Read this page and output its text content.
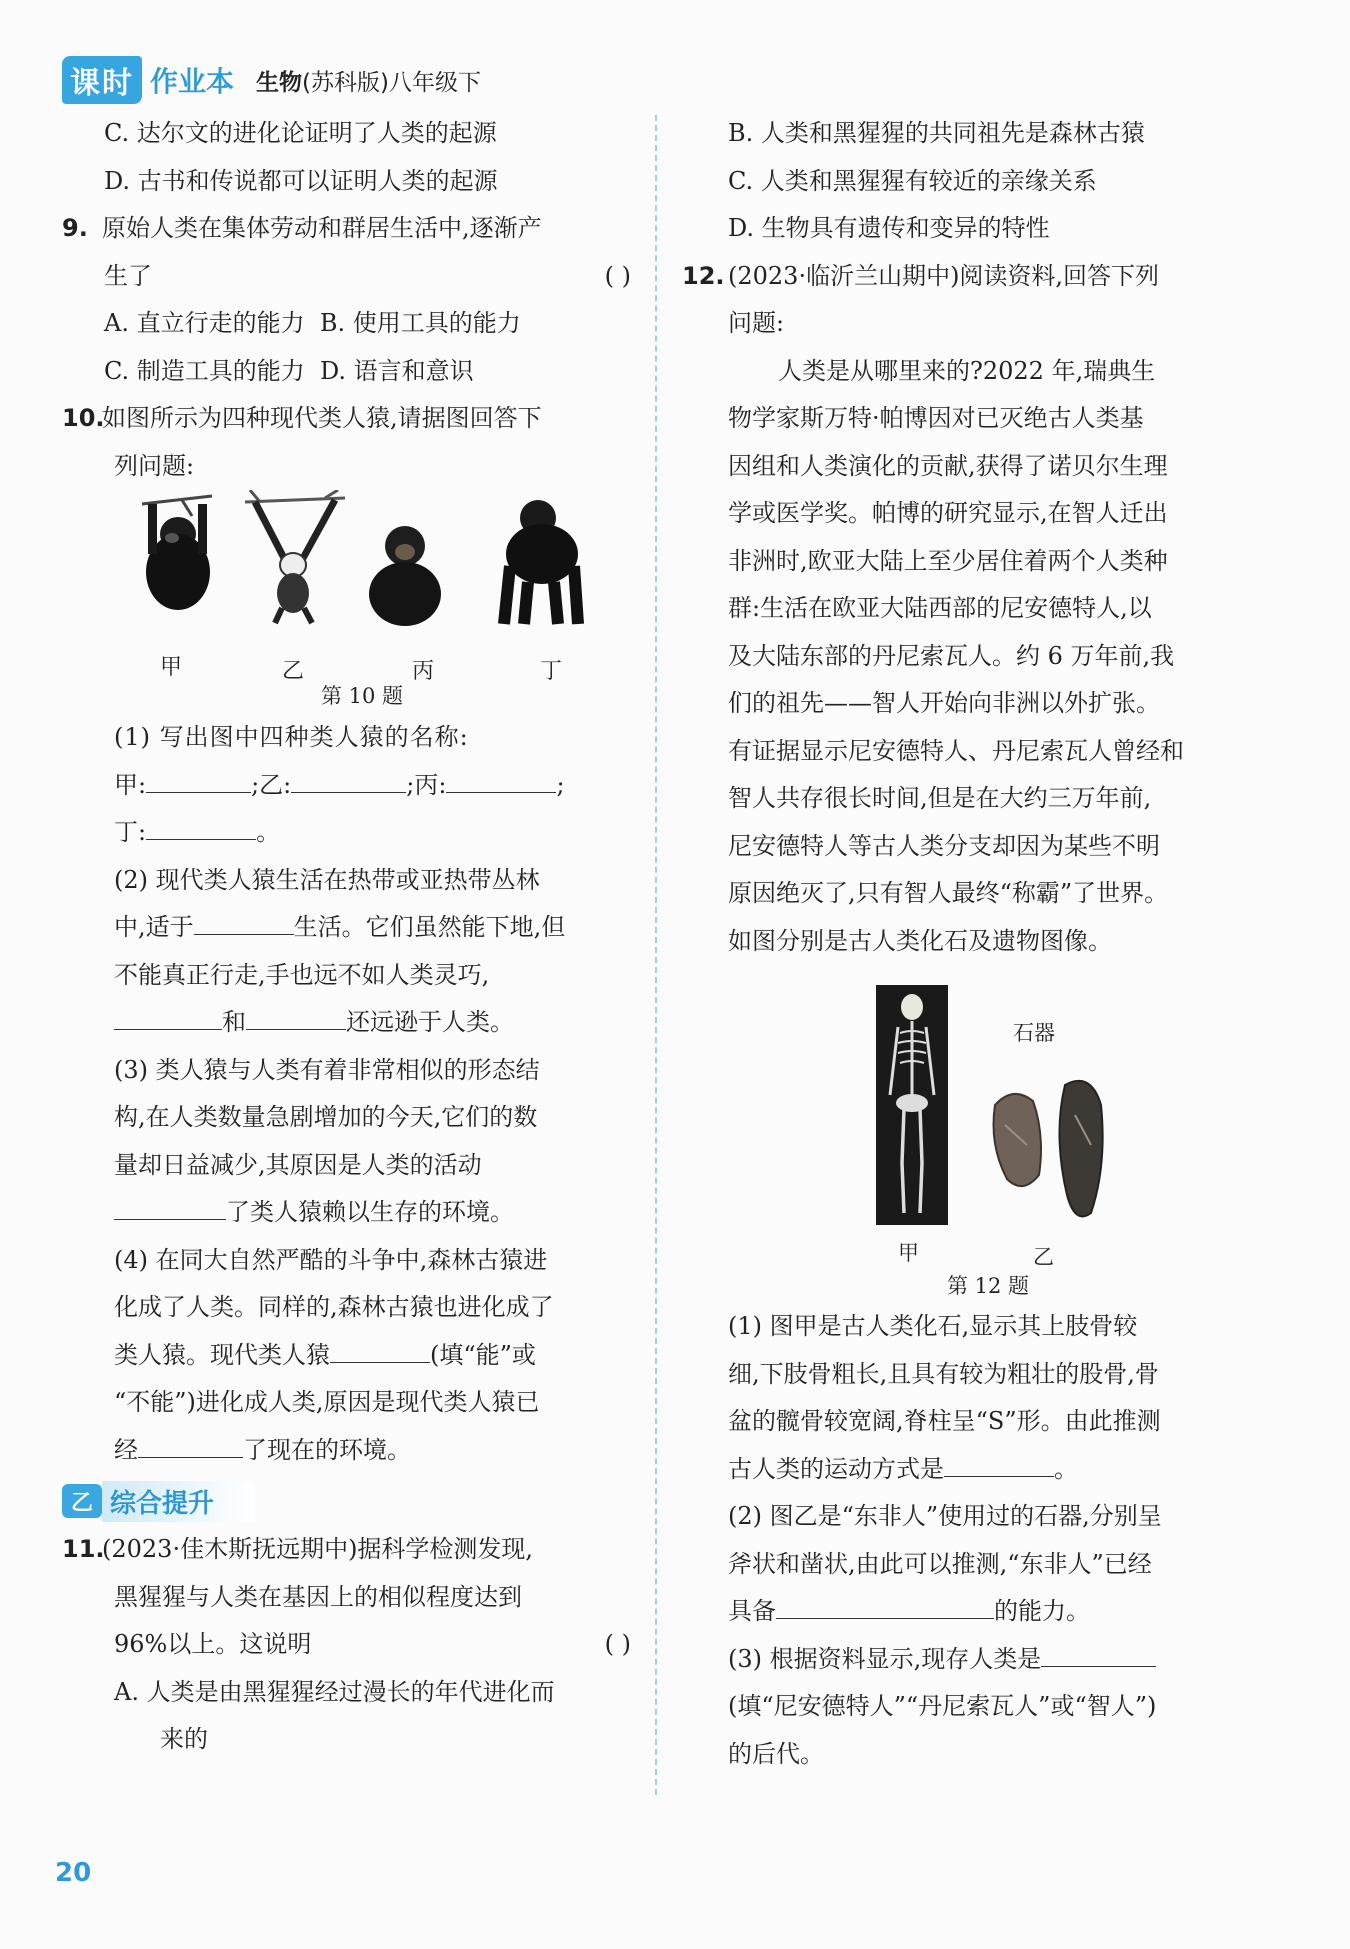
课时 作业本 生物(苏科版)八年级下
C. 达尔文的进化论证明了人类的起源
D. 古书和传说都可以证明人类的起源
9. 原始人类在集体劳动和群居生活中,逐渐产
生了	( )
A. 直立行走的能力 B. 使用工具的能力
C. 制造工具的能力 D. 语言和意识
10.如图所示为四种现代类人猿,请据图回答下
列问题:
甲	乙	丙	丁
第 10 题
(1) 写出图中四种类人猿的名称:
甲:	;乙:	;丙:	;
丁:	。
(2) 现代类人猿生活在热带或亚热带丛林
中,适于	生活。它们虽然能下地,但
不能真正行走,手也远不如人类灵巧,
和	还远逊于人类。
(3) 类人猿与人类有着非常相似的形态结
构,在人类数量急剧增加的今天,它们的数
量却日益减少,其原因是人类的活动
了类人猿赖以生存的环境。
(4) 在同大自然严酷的斗争中,森林古猿进
化成了人类。同样的,森林古猿也进化成了
类人猿。现代类人猿	(填“能”或
“不能”)进化成人类,原因是现代类人猿已
经	了现在的环境。
乙 综合提升
11.(2023·佳木斯抚远期中)据科学检测发现,
黑猩猩与人类在基因上的相似程度达到
96%以上。这说明	( )
A. 人类是由黑猩猩经过漫长的年代进化而
来的
B. 人类和黑猩猩的共同祖先是森林古猿
C. 人类和黑猩猩有较近的亲缘关系
D. 生物具有遗传和变异的特性
12. (2023·临沂兰山期中)阅读资料,回答下列
问题:
人类是从哪里来的?2022 年,瑞典生
物学家斯万特·帕博因对已灭绝古人类基
因组和人类演化的贡献,获得了诺贝尔生理
学或医学奖。帕博的研究显示,在智人迁出
非洲时,欧亚大陆上至少居住着两个人类种
群:生活在欧亚大陆西部的尼安德特人,以
及大陆东部的丹尼索瓦人。约 6 万年前,我
们的祖先——智人开始向非洲以外扩张。
有证据显示尼安德特人、丹尼索瓦人曾经和
智人共存很长时间,但是在大约三万年前,
尼安德特人等古人类分支却因为某些不明
原因绝灭了,只有智人最终“称霸”了世界。
如图分别是古人类化石及遗物图像。
石器
甲	乙
第 12 题
(1) 图甲是古人类化石,显示其上肢骨较
细,下肢骨粗长,且具有较为粗壮的股骨,骨
盆的髋骨较宽阔,脊柱呈“S”形。由此推测
古人类的运动方式是	。
(2) 图乙是“东非人”使用过的石器,分别呈
斧状和凿状,由此可以推测,“东非人”已经
具备	的能力。
(3) 根据资料显示,现存人类是
(填“尼安德特人”“丹尼索瓦人”或“智人”)
的后代。
20
